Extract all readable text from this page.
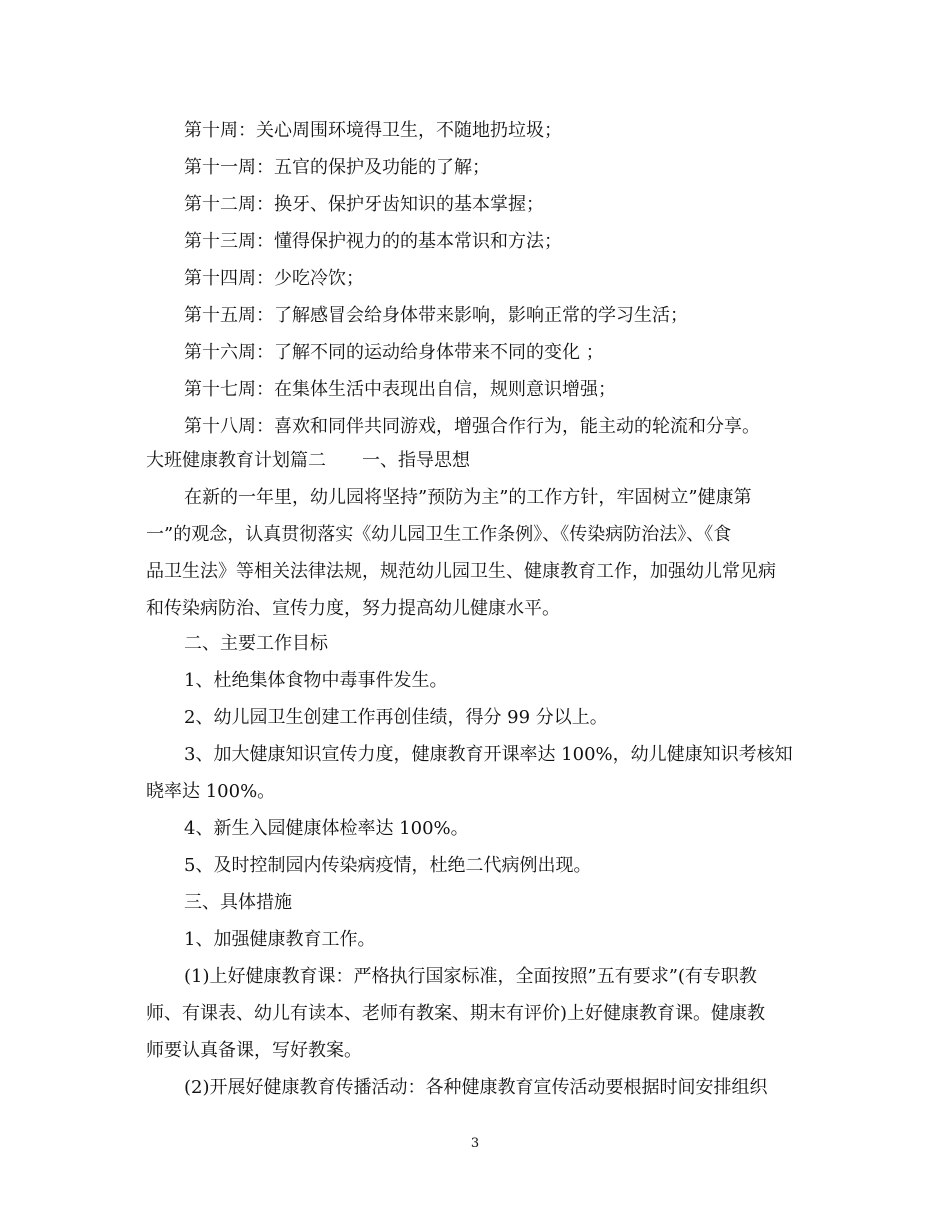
第十周：关心周围环境得卫生，不随地扔垃圾；
第十一周：五官的保护及功能的了解；
第十二周：换牙、保护牙齿知识的基本掌握；
第十三周：懂得保护视力的的基本常识和方法；
第十四周：少吃冷饮；
第十五周：了解感冒会给身体带来影响，影响正常的学习生活；
第十六周：了解不同的运动给身体带来不同的变化 ；
第十七周：在集体生活中表现出自信，规则意识增强；
第十八周：喜欢和同伴共同游戏，增强合作行为，能主动的轮流和分享。
大班健康教育计划篇二　　一、指导思想
在新的一年里，幼儿园将坚持”预防为主”的工作方针，牢固树立”健康第
一”的观念，认真贯彻落实《幼儿园卫生工作条例》、《传染病防治法》、《食
品卫生法》等相关法律法规，规范幼儿园卫生、健康教育工作，加强幼儿常见病
和传染病防治、宣传力度，努力提高幼儿健康水平。
二、主要工作目标
1、杜绝集体食物中毒事件发生。
2、幼儿园卫生创建工作再创佳绩，得分 99 分以上。
3、加大健康知识宣传力度，健康教育开课率达 100%，幼儿健康知识考核知
晓率达 100%。
4、新生入园健康体检率达 100%。
5、及时控制园内传染病疫情，杜绝二代病例出现。
三、具体措施
1、加强健康教育工作。
(1)上好健康教育课：严格执行国家标准，全面按照”五有要求”(有专职教
师、有课表、幼儿有读本、老师有教案、期末有评价)上好健康教育课。健康教
师要认真备课，写好教案。
(2)开展好健康教育传播活动：各种健康教育宣传活动要根据时间安排组织
3
